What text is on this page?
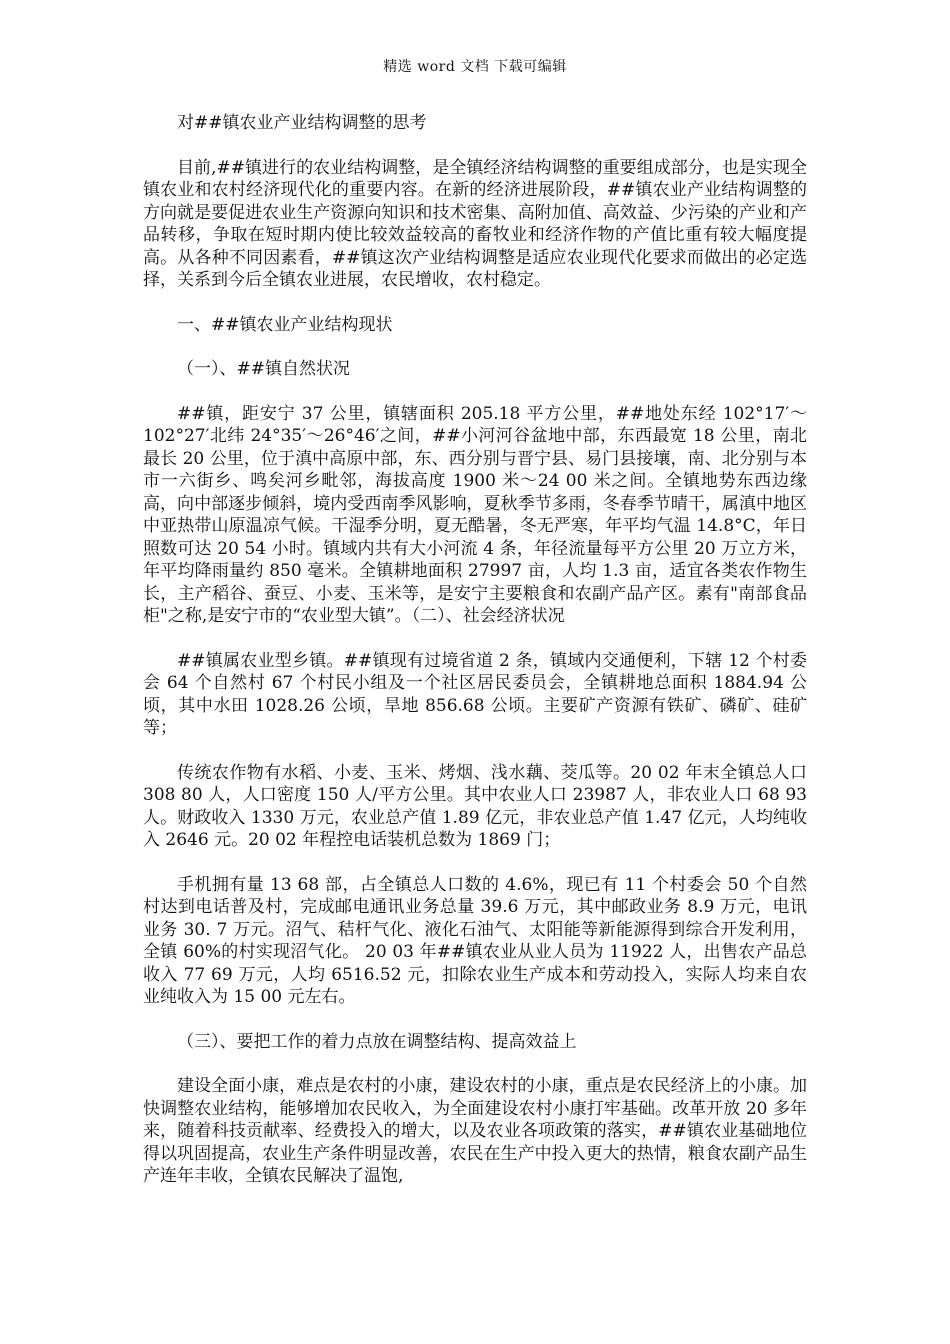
精选 word 文档 下载可编辑

对##镇农业产业结构调整的思考

目前,##镇进行的农业结构调整，是全镇经济结构调整的重要组成部分，也是实现全镇农业和农村经济现代化的重要内容。在新的经济进展阶段，##镇农业产业结构调整的方向就是要促进农业生产资源向知识和技术密集、高附加值、高效益、少污染的产业和产品转移，争取在短时期内使比较效益较高的畜牧业和经济作物的产值比重有较大幅度提高。从各种不同因素看，##镇这次产业结构调整是适应农业现代化要求而做出的必定选择，关系到今后全镇农业进展，农民增收，农村稳定。

一、##镇农业产业结构现状

（一）、##镇自然状况

##镇，距安宁 37 公里，镇辖面积 205.18 平方公里，##地处东经 102°17′～102°27′北纬 24°35′～26°46′之间，##小河河谷盆地中部，东西最宽 18 公里，南北最长 20 公里，位于滇中高原中部，东、西分别与晋宁县、易门县接壤，南、北分别与本市一六街乡、鸣矣河乡毗邻，海拔高度 1900 米～24 00 米之间。全镇地势东西边缘高，向中部逐步倾斜，境内受西南季风影响，夏秋季节多雨，冬春季节晴干，属滇中地区中亚热带山原温凉气候。干湿季分明，夏无酷暑，冬无严寒，年平均气温 14.8°C，年日照数可达 20 54 小时。镇域内共有大小河流 4 条，年径流量每平方公里 20 万立方米，年平均降雨量约 850 毫米。全镇耕地面积 27997 亩，人均 1.3 亩，适宜各类农作物生长，主产稻谷、蚕豆、小麦、玉米等，是安宁主要粮食和农副产品产区。素有"南部食品柜"之称,是安宁市的“农业型大镇”。（二）、社会经济状况

##镇属农业型乡镇。##镇现有过境省道 2 条，镇域内交通便利，下辖 12 个村委会 64 个自然村 67 个村民小组及一个社区居民委员会，全镇耕地总面积 1884.94 公顷，其中水田 1028.26 公顷，旱地 856.68 公顷。主要矿产资源有铁矿、磷矿、硅矿等；

传统农作物有水稻、小麦、玉米、烤烟、浅水藕、茭瓜等。20 02 年末全镇总人口 308 80 人，人口密度 150 人/平方公里。其中农业人口 23987 人，非农业人口 68 93 人。财政收入 1330 万元，农业总产值 1.89 亿元，非农业总产值 1.47 亿元，人均纯收入 2646 元。20 02 年程控电话装机总数为 1869 门；

手机拥有量 13 68 部，占全镇总人口数的 4.6%，现已有 11 个村委会 50 个自然村达到电话普及村，完成邮电通讯业务总量 39.6 万元，其中邮政业务 8.9 万元，电讯业务 30. 7 万元。沼气、秸杆气化、液化石油气、太阳能等新能源得到综合开发利用，全镇 60%的村实现沼气化。 20 03 年##镇农业从业人员为 11922 人，出售农产品总收入 77 69 万元，人均 6516.52 元，扣除农业生产成本和劳动投入，实际人均来自农业纯收入为 15 00 元左右。

（三）、要把工作的着力点放在调整结构、提高效益上

建设全面小康，难点是农村的小康，建设农村的小康，重点是农民经济上的小康。加快调整农业结构，能够增加农民收入，为全面建设农村小康打牢基础。改革开放 20 多年来，随着科技贡献率、经费投入的增大，以及农业各项政策的落实，##镇农业基础地位得以巩固提高，农业生产条件明显改善，农民在生产中投入更大的热情，粮食农副产品生产连年丰收，全镇农民解决了温饱,
